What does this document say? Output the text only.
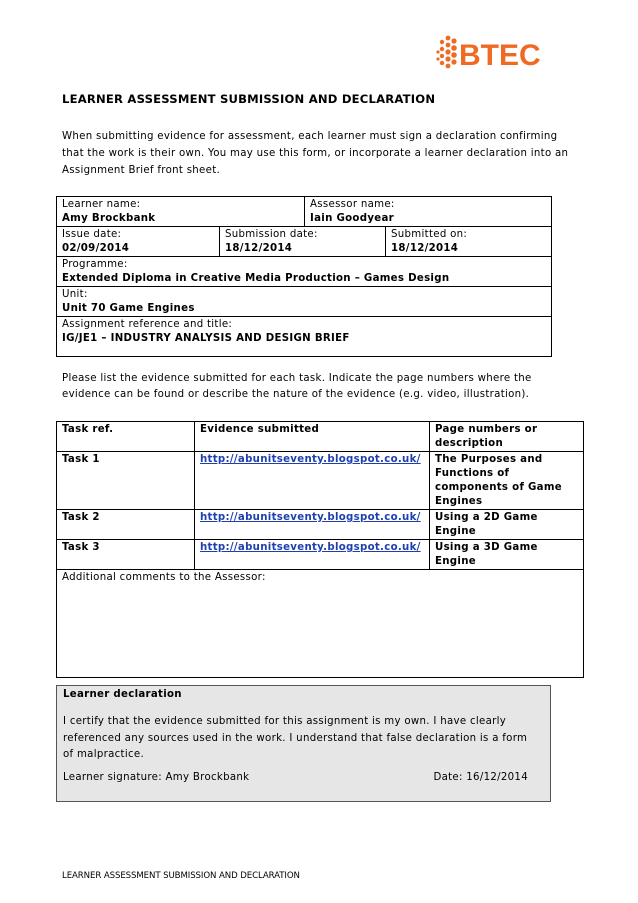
BTEC
LEARNER ASSESSMENT SUBMISSION AND DECLARATION
When submitting evidence for assessment, each learner must sign a declaration confirming that the work is their own. You may use this form, or incorporate a learner declaration into an Assignment Brief front sheet.
Learner name:
Amy Brockbank		Assessor name:
Iain Goodyear	

Issue date:
02/09/2014	Submission date:
18/12/2014		Submitted on:
18/12/2014

Programme:
Extended Diploma in Creative Media Production – Games Design			

Unit:
Unit 70 Game Engines			

Assignment reference and title:
IG/JE1 – INDUSTRY ANALYSIS AND DESIGN BRIEF			
Please list the evidence submitted for each task. Indicate the page numbers where the evidence can be found or describe the nature of the evidence (e.g. video, illustration).
Task ref.	Evidence submitted	Page numbers or description
Task 1	http://abunitseventy.blogspot.co.uk/	The Purposes and Functions of components of Game Engines
Task 2	http://abunitseventy.blogspot.co.uk/	Using a 2D Game Engine
Task 3	http://abunitseventy.blogspot.co.uk/	Using a 3D Game Engine
Additional comments to the Assessor:		
Learner declaration
I certify that the evidence submitted for this assignment is my own. I have clearly referenced any sources used in the work. I understand that false declaration is a form of malpractice.
Learner signature: Amy Brockbank	Date: 16/12/2014
LEARNER ASSESSMENT SUBMISSION AND DECLARATION
